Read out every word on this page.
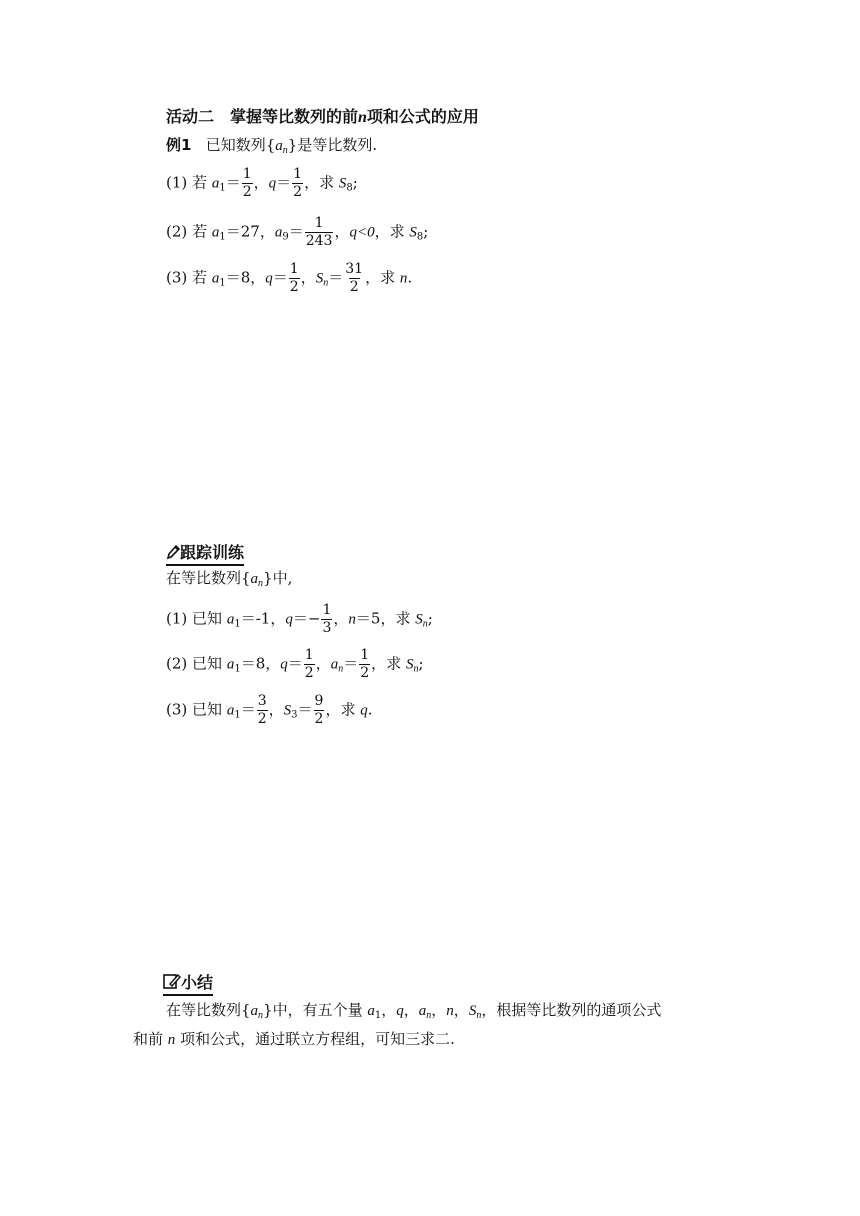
活动二　掌握等比数列的前n项和公式的应用
例1 已知数列$\{a_n\}$是等比数列.
(1) 若 $a_1= \frac{1}{2}$ ，$q= \frac{1}{2}$ ，求 $S_8$;
(2) 若 $a_1=27$，$a_9= \frac{1}{243}$ ，q<0，求 $S_8$;
(3) 若 $a_1=8$，$q= \frac{1}{2}$ ，$S_n= \frac{31}{2}$ ，求 n.
跟踪训练
在等比数列$\{a_n\}$中,
(1) 已知 $a_1=-1$，$q=- \frac{1}{3}$ ，n＝5，求 $S_n$;
(2) 已知 $a_1=8$，$q= \frac{1}{2}$ ，$a_n= \frac{1}{2}$ ，求 $S_n$;
(3) 已知 $a_1= \frac{3}{2}$ ，$S_3= \frac{9}{2}$ ，求 q.
小结
在等比数列$\{a_n\}$中，有五个量 $a_1$，q，$a_n$，n，$S_n$，根据等比数列的通项公式
和前 n 项和公式，通过联立方程组，可知三求二.
